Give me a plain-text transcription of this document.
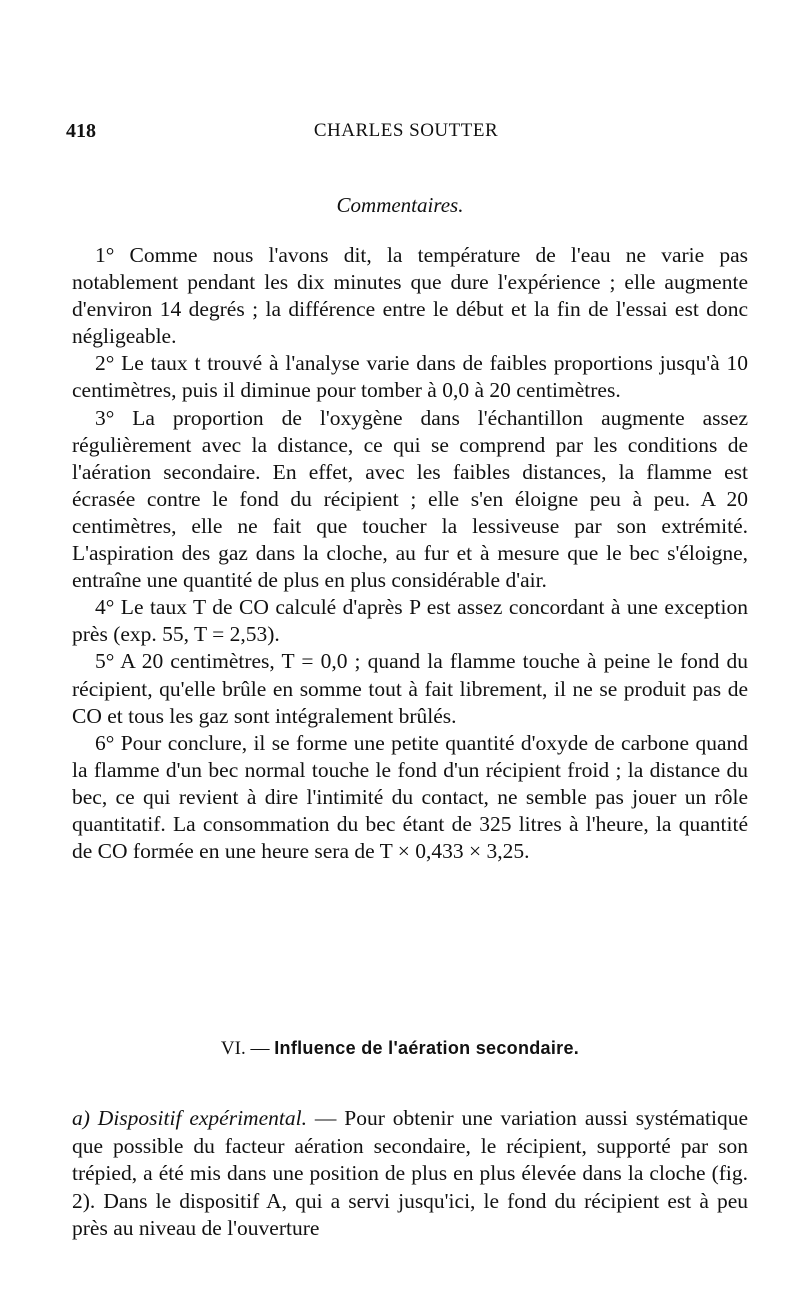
418	CHARLES SOUTTER
Commentaires.

1° Comme nous l'avons dit, la température de l'eau ne varie pas notablement pendant les dix minutes que dure l'expérience ; elle augmente d'environ 14 degrés ; la différence entre le début et la fin de l'essai est donc négligeable.

2° Le taux t trouvé à l'analyse varie dans de faibles proportions jusqu'à 10 centimètres, puis il diminue pour tomber à 0,0 à 20 centimètres.

3° La proportion de l'oxygène dans l'échantillon augmente assez régulièrement avec la distance, ce qui se comprend par les conditions de l'aération secondaire. En effet, avec les faibles distances, la flamme est écrasée contre le fond du récipient ; elle s'en éloigne peu à peu. A 20 centimètres, elle ne fait que toucher la lessiveuse par son extrémité. L'aspiration des gaz dans la cloche, au fur et à mesure que le bec s'éloigne, entraîne une quantité de plus en plus considérable d'air.

4° Le taux T de CO calculé d'après P est assez concordant à une exception près (exp. 55, T = 2,53).

5° A 20 centimètres, T = 0,0 ; quand la flamme touche à peine le fond du récipient, qu'elle brûle en somme tout à fait librement, il ne se produit pas de CO et tous les gaz sont intégralement brûlés.

6° Pour conclure, il se forme une petite quantité d'oxyde de carbone quand la flamme d'un bec normal touche le fond d'un récipient froid ; la distance du bec, ce qui revient à dire l'intimité du contact, ne semble pas jouer un rôle quantitatif. La consommation du bec étant de 325 litres à l'heure, la quantité de CO formée en une heure sera de T × 0,433 × 3,25.

VI. — Influence de l'aération secondaire.

a) Dispositif expérimental. — Pour obtenir une variation aussi systématique que possible du facteur aération secondaire, le récipient, supporté par son trépied, a été mis dans une position de plus en plus élevée dans la cloche (fig. 2). Dans le dispositif A, qui a servi jusqu'ici, le fond du récipient est à peu près au niveau de l'ouverture
